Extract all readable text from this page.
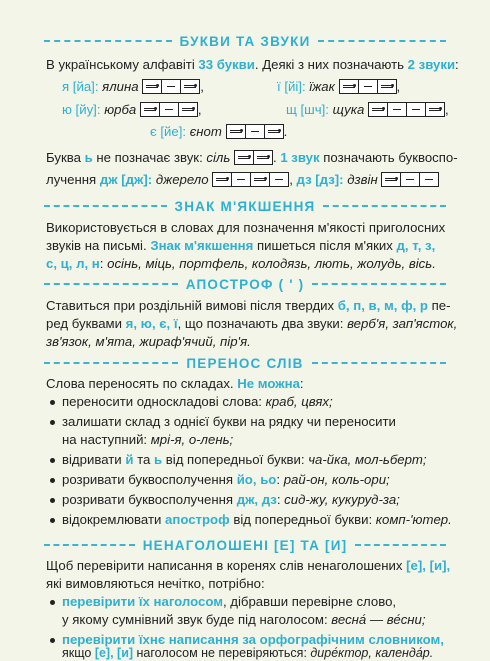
БУКВИ ТА ЗВУКИ
В українському алфавіті 33 букви. Деякі з них позначають 2 звуки:
я [йа]: ялина	,	ї [йі]: їжак	,
ю [йу]: юрба	,	щ [шч]: щука	,
є [йе]: єнот	.
Буква ь не позначає звук: сіль	. 1 звук позначають буквоспо-
лучення дж [дж]: джерело	, дз [дз]: дзвін
ЗНАК М'ЯКШЕННЯ
Використовується в словах для позначення м'якості приголосних
звуків на письмі. Знак м'якшення пишеться після м'яких д, т, з,
с, ц, л, н: осінь, міць, портфель, колодязь, лють, жолудь, вісь.
АПОСТРОФ ( ' )
Ставиться при роздільній вимові після твердих б, п, в, м, ф, р пе-
ред буквами я, ю, є, ї, що позначають два звуки: верб'я, зап'ясток,
зв'язок, м'ята, жираф'ячий, пір'я.
ПЕРЕНОС СЛІВ
Слова переносять по складах. Не можна:
переносити односкладові слова: краб, цвях;
залишати склад з однієї букви на рядку чи переносити
на наступний: мрі-я, о-лень;
відривати й та ь від попередньої букви: ча-йка, мол-ьберт;
розривати буквосполучення йо, ьо: рай-он, коль-ори;
розривати буквосполучення дж, дз: сид-жу, кукуруд-за;
відокремлювати апостроф від попередньої букви: комп-'ютер.
НЕНАГОЛОШЕНІ [Е] ТА [И]
Щоб перевірити написання в коренях слів ненаголошених [е], [и],
які вимовляються нечітко, потрібно:
перевірити їх наголосом, дібравши перевірне слово,
у якому сумнівний звук буде під наголосом: весна́ — ве́сни;
перевірити їхнє написання за орфографічним словником,
якщо [е], [и] наголосом не перевіряються: дире́ктор, календа́р.
